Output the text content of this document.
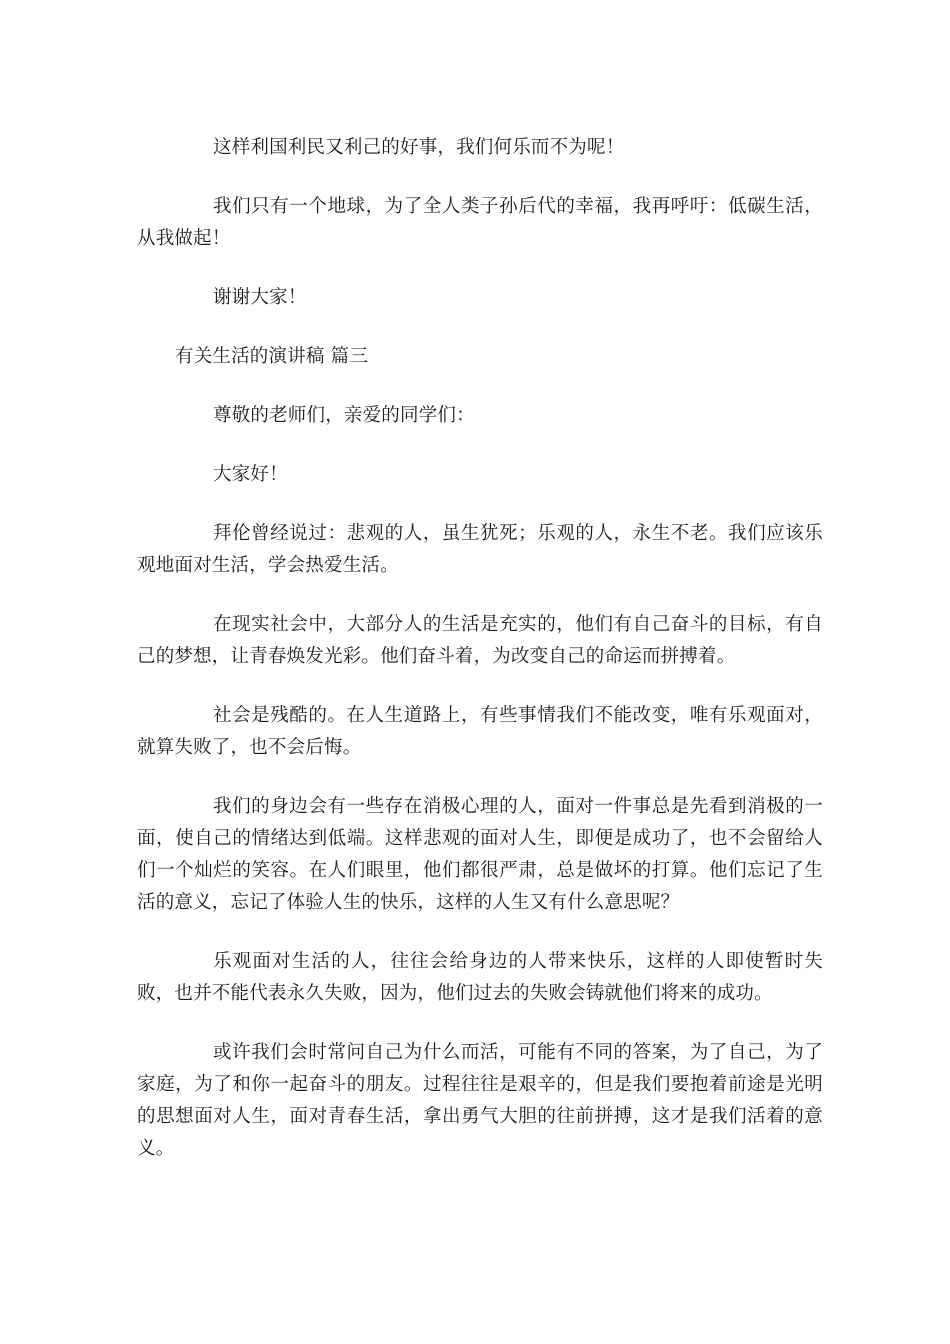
这样利国利民又利己的好事，我们何乐而不为呢！

我们只有一个地球，为了全人类子孙后代的幸福，我再呼吁：低碳生活，从我做起！

谢谢大家！

有关生活的演讲稿 篇三

尊敬的老师们，亲爱的同学们：

大家好！

拜伦曾经说过：悲观的人，虽生犹死；乐观的人，永生不老。我们应该乐观地面对生活，学会热爱生活。

在现实社会中，大部分人的生活是充实的，他们有自己奋斗的目标，有自己的梦想，让青春焕发光彩。他们奋斗着，为改变自己的命运而拼搏着。

社会是残酷的。在人生道路上，有些事情我们不能改变，唯有乐观面对，就算失败了，也不会后悔。

我们的身边会有一些存在消极心理的人，面对一件事总是先看到消极的一面，使自己的情绪达到低端。这样悲观的面对人生，即便是成功了，也不会留给人们一个灿烂的笑容。在人们眼里，他们都很严肃，总是做坏的打算。他们忘记了生活的意义，忘记了体验人生的快乐，这样的人生又有什么意思呢？

乐观面对生活的人，往往会给身边的人带来快乐，这样的人即使暂时失败，也并不能代表永久失败，因为，他们过去的失败会铸就他们将来的成功。

或许我们会时常问自己为什么而活，可能有不同的答案，为了自己，为了家庭，为了和你一起奋斗的朋友。过程往往是艰辛的，但是我们要抱着前途是光明的思想面对人生，面对青春生活，拿出勇气大胆的往前拼搏，这才是我们活着的意义。
